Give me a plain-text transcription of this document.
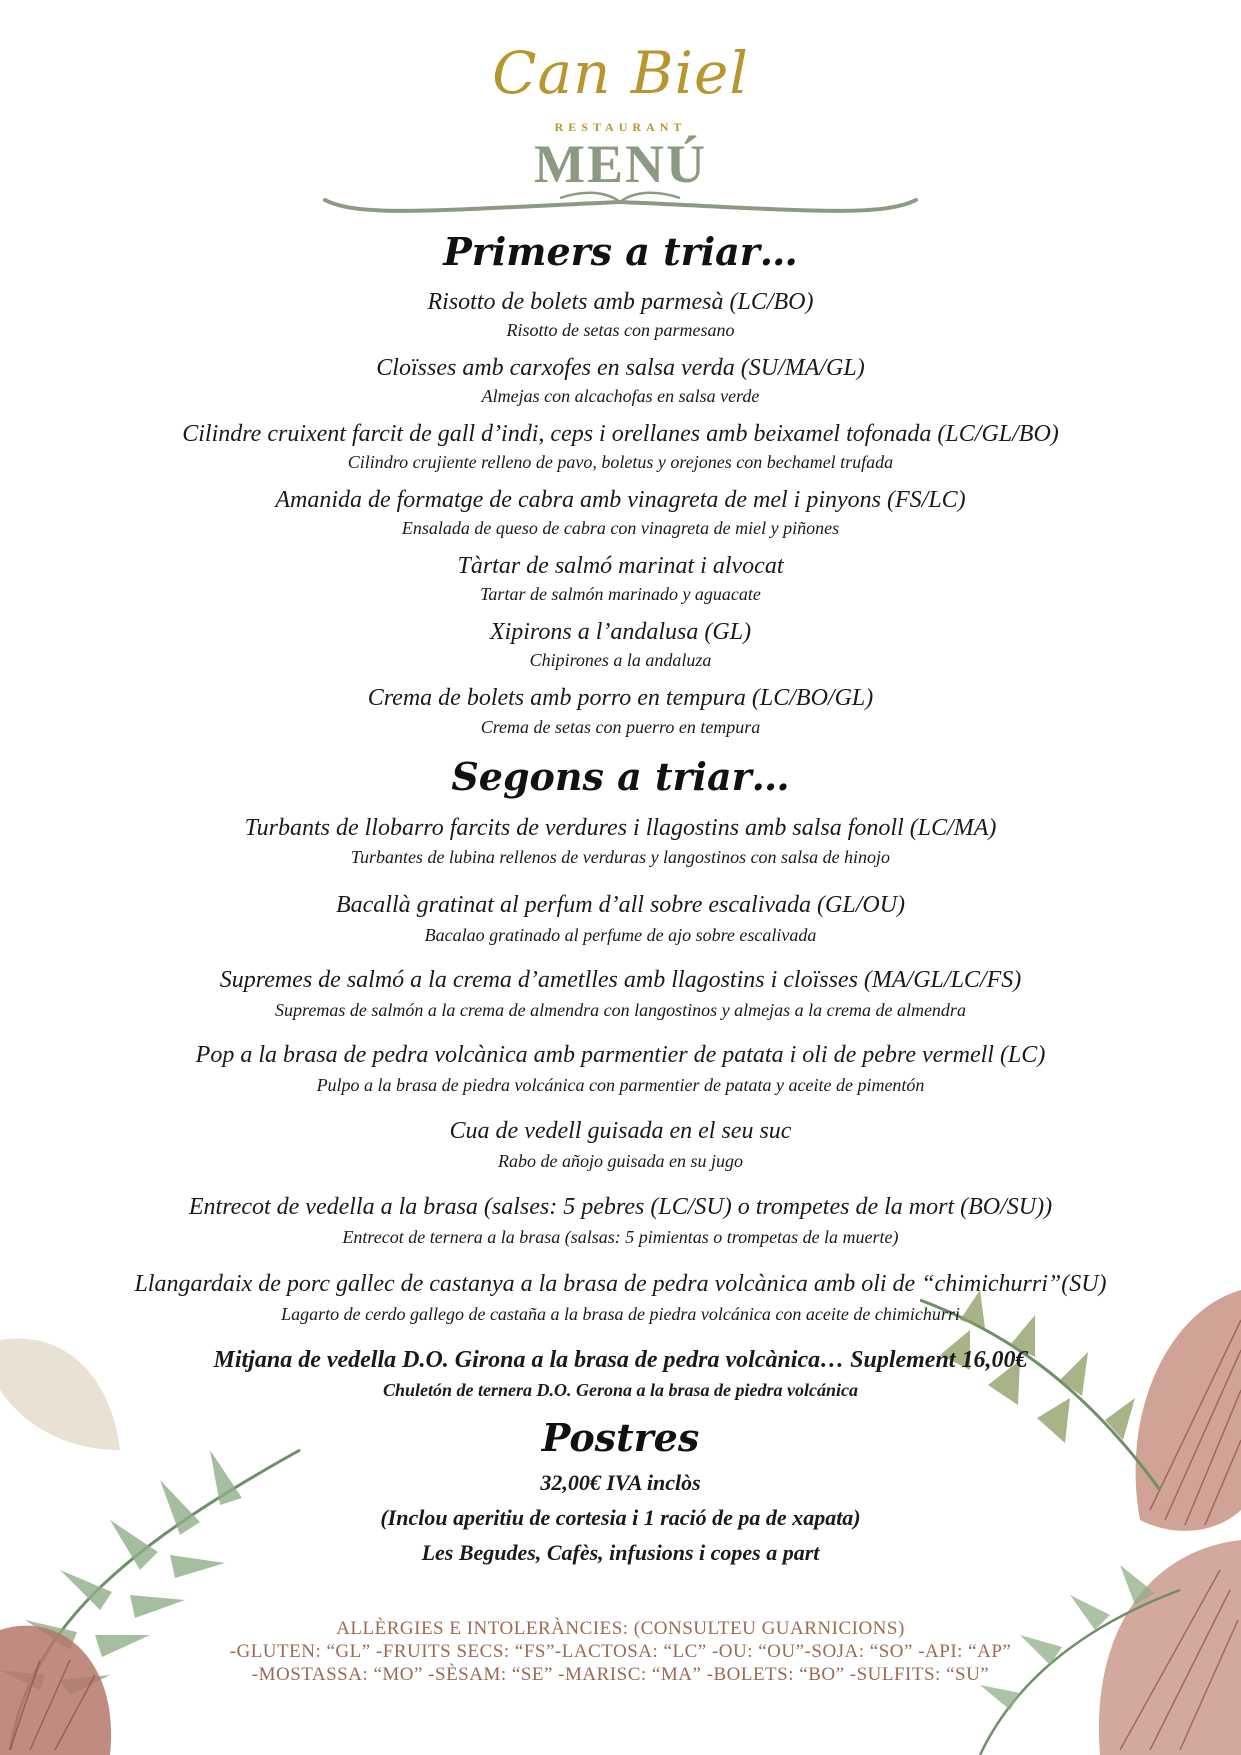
Can Biel
RESTAURANT
MENÚ
Primers a triar…
Risotto de bolets amb parmesà (LC/BO)
Risotto de setas con parmesano
Cloïsses amb carxofes en salsa verda (SU/MA/GL)
Almejas con alcachofas en salsa verde
Cilindre cruixent farcit de gall d’indi, ceps i orellanes amb beixamel tofonada (LC/GL/BO)
Cilindro crujiente relleno de pavo, boletus y orejones con bechamel trufada
Amanida de formatge de cabra amb vinagreta de mel i pinyons (FS/LC)
Ensalada de queso de cabra con vinagreta de miel y piñones
Tàrtar de salmó marinat i alvocat
Tartar de salmón marinado y aguacate
Xipirons a l’andalusa (GL)
Chipirones a la andaluza
Crema de bolets amb porro en tempura (LC/BO/GL)
Crema de setas con puerro en tempura
Segons a triar…
Turbants de llobarro farcits de verdures i llagostins amb salsa fonoll (LC/MA)
Turbantes de lubina rellenos de verduras y langostinos con salsa de hinojo
Bacallà gratinat al perfum d’all sobre escalivada (GL/OU)
Bacalao gratinado al perfume de ajo sobre escalivada
Supremes de salmó a la crema d’ametlles amb llagostins i cloïsses (MA/GL/LC/FS)
Supremas de salmón a la crema de almendra con langostinos y almejas a la crema de almendra
Pop a la brasa de pedra volcànica amb parmentier de patata i oli de pebre vermell (LC)
Pulpo a la brasa de piedra volcánica con parmentier de patata y aceite de pimentón
Cua de vedell guisada en el seu suc
Rabo de añojo guisada en su jugo
Entrecot de vedella a la brasa (salses: 5 pebres (LC/SU) o trompetes de la mort (BO/SU))
Entrecot de ternera a la brasa (salsas: 5 pimientas o trompetas de la muerte)
Llangardaix de porc gallec de castanya a la brasa de pedra volcànica amb oli de “chimichurri”(SU)
Lagarto de cerdo gallego de castaña a la brasa de piedra volcánica con aceite de chimichurri
Mitjana de vedella D.O. Girona a la brasa de pedra volcànica… Suplement 16,00€
Chuletón de ternera D.O. Gerona a la brasa de piedra volcánica
Postres
32,00€ IVA inclòs
(Inclou aperitiu de cortesia i 1 ració de pa de xapata)
Les Begudes, Cafès, infusions i copes a part
ALLÈRGIES E INTOLERÀNCIES: (CONSULTEU GUARNICIONS)
-GLUTEN: “GL” -FRUITS SECS: “FS”-LACTOSA: “LC” -OU: “OU”-SOJA: “SO” -API: “AP”
-MOSTASSA: “MO” -SÈSAM: “SE” -MARISC: “MA” -BOLETS: “BO” -SULFITS: “SU”
